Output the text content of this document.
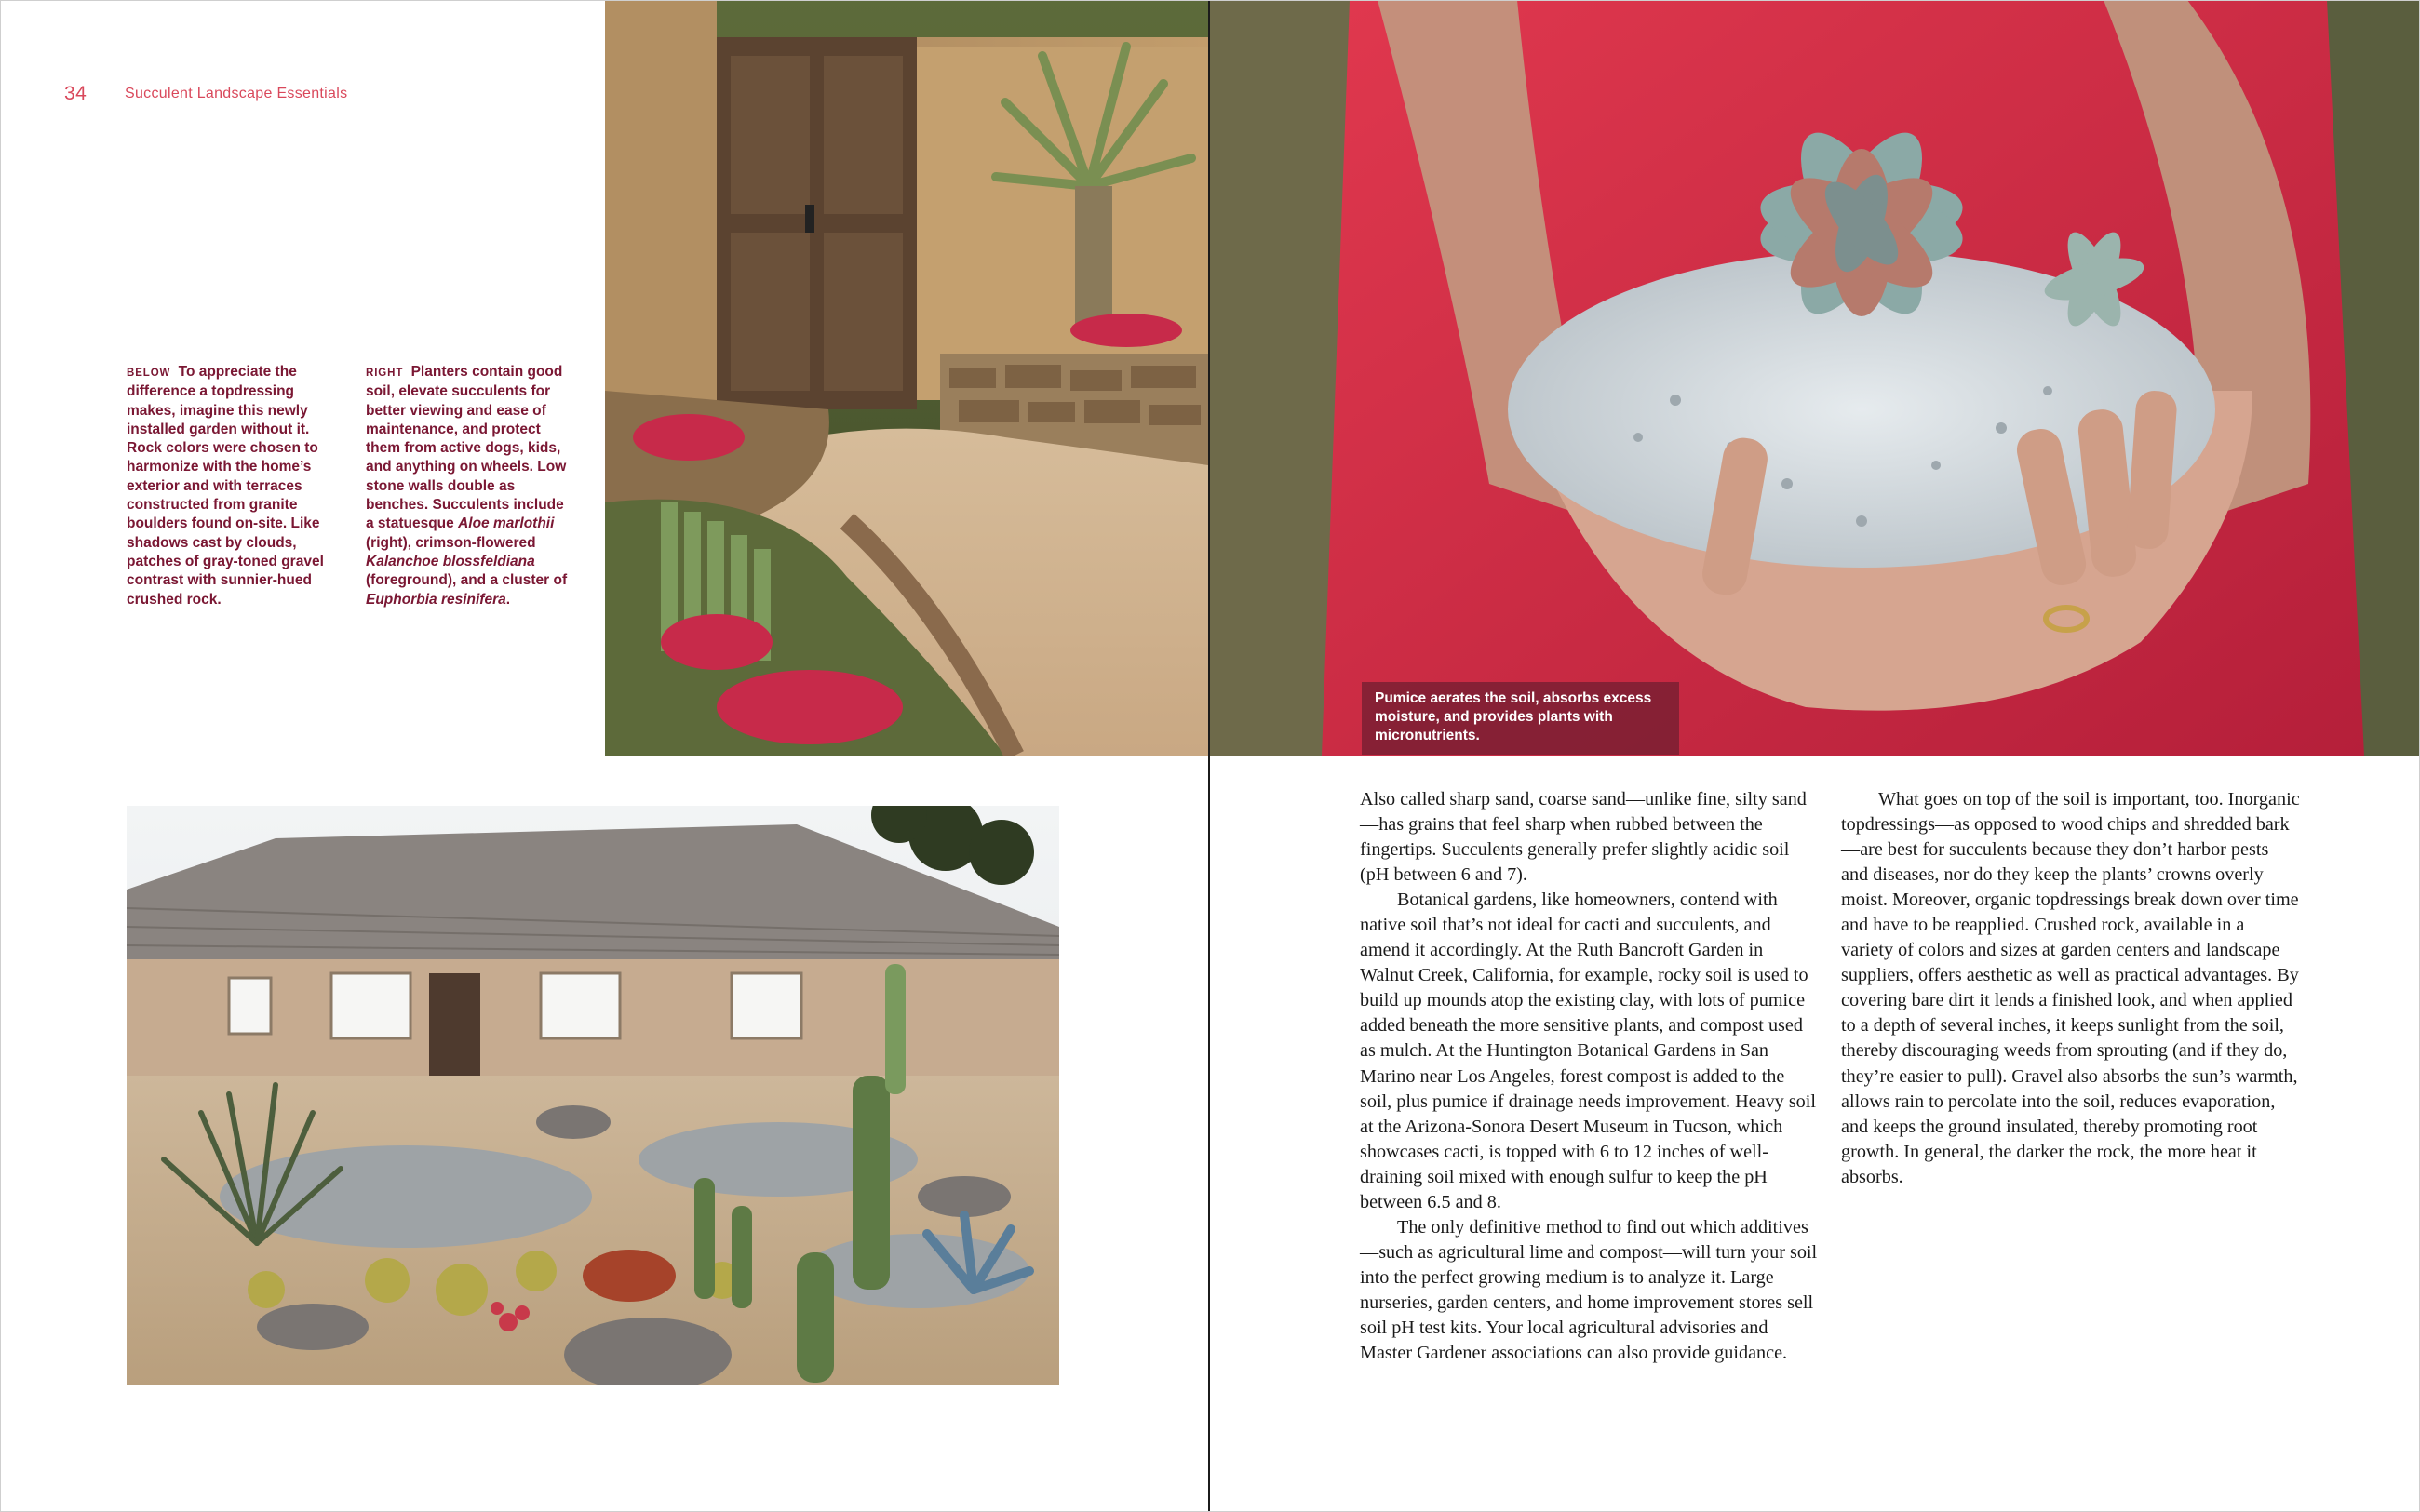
34	Succulent Landscape Essentials
BELOW To appreciate the difference a topdressing makes, imagine this newly installed garden without it. Rock colors were chosen to harmonize with the home’s exterior and with terraces constructed from granite boulders found on-site. Like shadows cast by clouds, patches of gray-toned gravel contrast with sunnier-hued crushed rock.
RIGHT Planters contain good soil, elevate succulents for better viewing and ease of maintenance, and protect them from active dogs, kids, and anything on wheels. Low stone walls double as benches. Succulents include a statuesque Aloe marlothii (right), crimson-flowered Kalanchoe blossfeldiana (foreground), and a cluster of Euphorbia resinifera.
Pumice aerates the soil, absorbs excess moisture, and provides plants with micronutrients.

Also called sharp sand, coarse sand—unlike fine, silty sand—has grains that feel sharp when rubbed between the fingertips. Succulents generally prefer slightly acidic soil (pH between 6 and 7).

Botanical gardens, like homeowners, contend with native soil that’s not ideal for cacti and succulents, and amend it accordingly. At the Ruth Bancroft Garden in Walnut Creek, California, for example, rocky soil is used to build up mounds atop the existing clay, with lots of pumice added beneath the more sensitive plants, and compost used as mulch. At the Huntington Botanical Gardens in San Marino near Los Angeles, forest compost is added to the soil, plus pumice if drainage needs improvement. Heavy soil at the Arizona-Sonora Desert Museum in Tucson, which showcases cacti, is topped with 6 to 12 inches of well-draining soil mixed with enough sulfur to keep the pH between 6.5 and 8.

The only definitive method to find out which additives—such as agricultural lime and compost—will turn your soil into the perfect growing medium is to analyze it. Large nurseries, garden centers, and home improvement stores sell soil pH test kits. Your local agricultural advisories and Master Gardener associations can also provide guidance.

What goes on top of the soil is important, too. Inorganic topdressings—as opposed to wood chips and shredded bark—are best for succulents because they don’t harbor pests and diseases, nor do they keep the plants’ crowns overly moist. Moreover, organic topdressings break down over time and have to be reapplied. Crushed rock, available in a variety of colors and sizes at garden centers and landscape suppliers, offers aesthetic as well as practical advantages. By covering bare dirt it lends a finished look, and when applied to a depth of several inches, it keeps sunlight from the soil, thereby discouraging weeds from sprouting (and if they do, they’re easier to pull). Gravel also absorbs the sun’s warmth, allows rain to percolate into the soil, reduces evaporation, and keeps the ground insulated, thereby promoting root growth. In general, the darker the rock, the more heat it absorbs.
